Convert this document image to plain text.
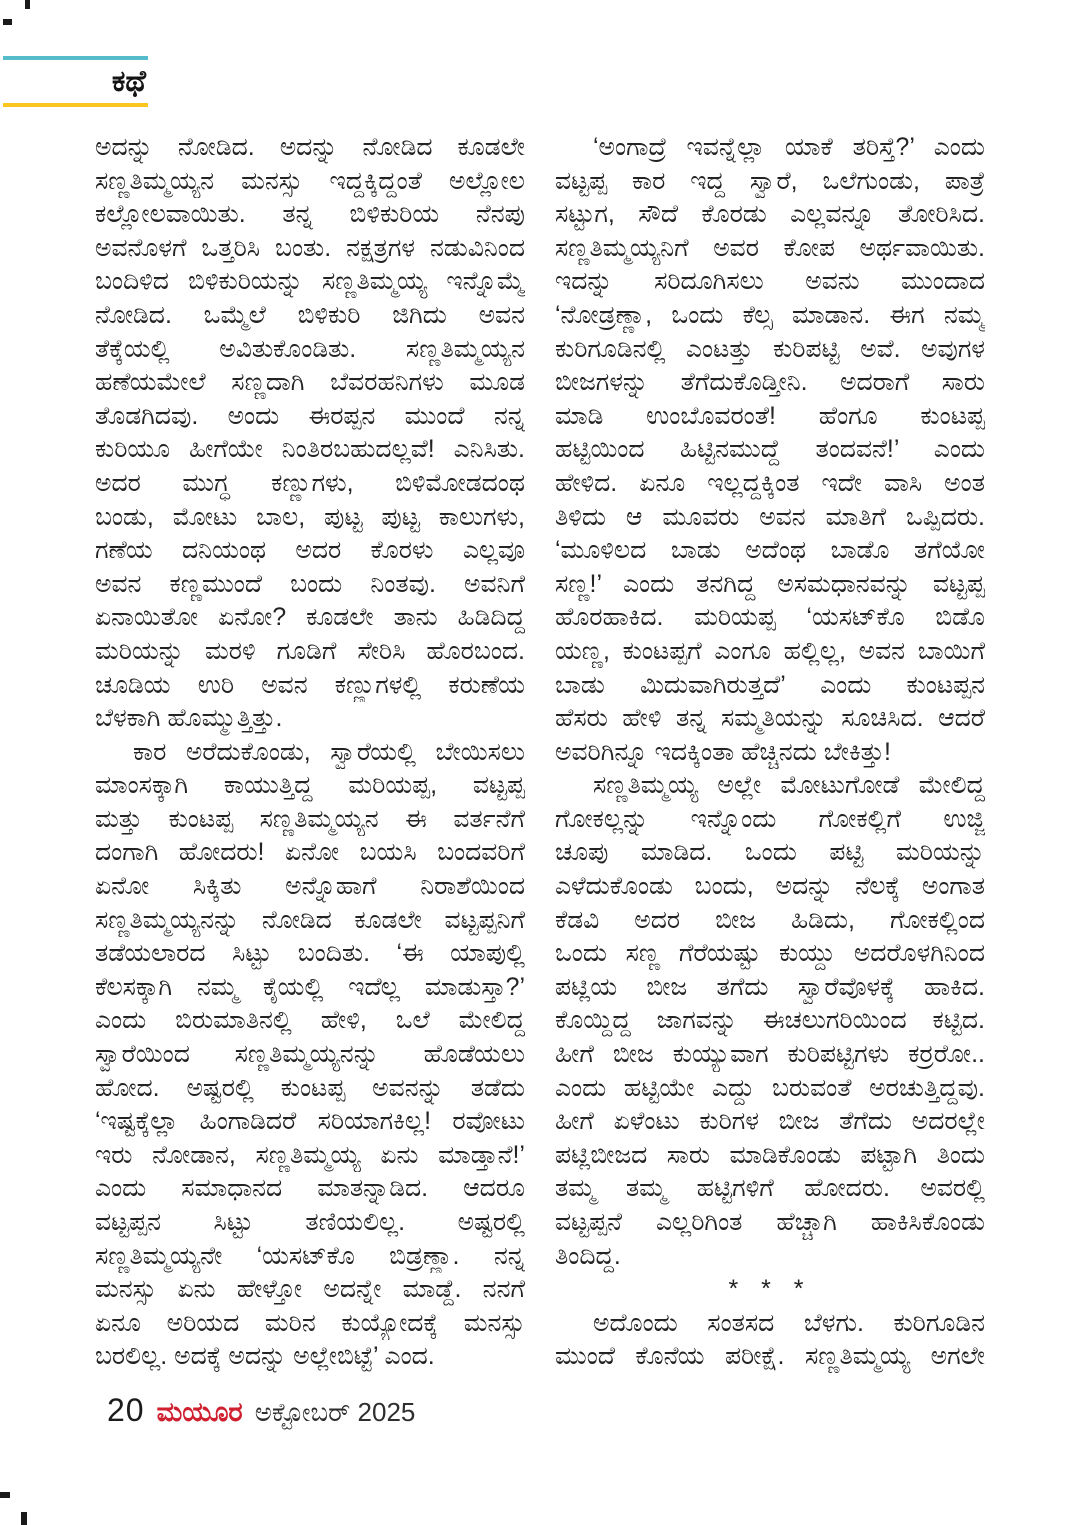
ಕಥೆ
ಅದನ್ನು ನೋಡಿದ. ಅದನ್ನು ನೋಡಿದ ಕೂಡಲೇ
ಸಣ್ಣತಿಮ್ಮಯ್ಯನ ಮನಸ್ಸು ಇದ್ದಕ್ಕಿದ್ದಂತೆ ಅಲ್ಲೋಲ
ಕಲ್ಲೋಲವಾಯಿತು. ತನ್ನ ಬಿಳಿಕುರಿಯ ನೆನಪು
ಅವನೊಳಗೆ ಒತ್ತರಿಸಿ ಬಂತು. ನಕ್ಷತ್ರಗಳ ನಡುವಿನಿಂದ
ಬಂದಿಳಿದ ಬಿಳಿಕುರಿಯನ್ನು ಸಣ್ಣತಿಮ್ಮಯ್ಯ ಇನ್ನೊಮ್ಮೆ
ನೋಡಿದ. ಒಮ್ಮೆಲೆ ಬಿಳಿಕುರಿ ಜಿಗಿದು ಅವನ
ತೆಕ್ಕೆಯಲ್ಲಿ ಅವಿತುಕೊಂಡಿತು. ಸಣ್ಣತಿಮ್ಮಯ್ಯನ
ಹಣೆಯಮೇಲೆ ಸಣ್ಣದಾಗಿ ಬೆವರಹನಿಗಳು ಮೂಡ
ತೊಡಗಿದವು. ಅಂದು ಈರಪ್ಪನ ಮುಂದೆ ನನ್ನ
ಕುರಿಯೂ ಹೀಗೆಯೇ ನಿಂತಿರಬಹುದಲ್ಲವೆ! ಎನಿಸಿತು.
ಅದರ ಮುಗ್ಧ ಕಣ್ಣುಗಳು, ಬಿಳಿಮೋಡದಂಥ
ಬಂಡು, ಮೋಟು ಬಾಲ, ಪುಟ್ಟ ಪುಟ್ಟ ಕಾಲುಗಳು,
ಗಣೆಯ ದನಿಯಂಥ ಅದರ ಕೊರಳು ಎಲ್ಲವೂ
ಅವನ ಕಣ್ಣಮುಂದೆ ಬಂದು ನಿಂತವು. ಅವನಿಗೆ
ಏನಾಯಿತೋ ಏನೋ? ಕೂಡಲೇ ತಾನು ಹಿಡಿದಿದ್ದ
ಮರಿಯನ್ನು ಮರಳಿ ಗೂಡಿಗೆ ಸೇರಿಸಿ ಹೊರಬಂದ.
ಚೂಡಿಯ ಉರಿ ಅವನ ಕಣ್ಣುಗಳಲ್ಲಿ ಕರುಣೆಯ
ಬೆಳಕಾಗಿ ಹೊಮ್ಮುತ್ತಿತ್ತು.
ಕಾರ ಅರೆದುಕೊಂಡು, ಸ್ವಾರೆಯಲ್ಲಿ ಬೇಯಿಸಲು
ಮಾಂಸಕ್ಕಾಗಿ ಕಾಯುತ್ತಿದ್ದ ಮರಿಯಪ್ಪ, ವಟ್ಟಪ್ಪ
ಮತ್ತು ಕುಂಟಪ್ಪ ಸಣ್ಣತಿಮ್ಮಯ್ಯನ ಈ ವರ್ತನೆಗೆ
ದಂಗಾಗಿ ಹೋದರು! ಏನೋ ಬಯಸಿ ಬಂದವರಿಗೆ
ಏನೋ ಸಿಕ್ಕಿತು ಅನ್ನೊಹಾಗೆ ನಿರಾಶೆಯಿಂದ
ಸಣ್ಣತಿಮ್ಮಯ್ಯನನ್ನು ನೋಡಿದ ಕೂಡಲೇ ವಟ್ಟಪ್ಪನಿಗೆ
ತಡೆಯಲಾರದ ಸಿಟ್ಟು ಬಂದಿತು. ‘ಈ ಯಾಪುಲ್ಲಿ
ಕೆಲಸಕ್ಕಾಗಿ ನಮ್ಮ ಕೈಯಲ್ಲಿ ಇದೆಲ್ಲ ಮಾಡುಸ್ತಾ?’
ಎಂದು ಬಿರುಮಾತಿನಲ್ಲಿ ಹೇಳಿ, ಒಲೆ ಮೇಲಿದ್ದ
ಸ್ವಾರೆಯಿಂದ ಸಣ್ಣತಿಮ್ಮಯ್ಯನನ್ನು ಹೊಡೆಯಲು
ಹೋದ. ಅಷ್ಟರಲ್ಲಿ ಕುಂಟಪ್ಪ ಅವನನ್ನು ತಡೆದು
‘ಇಷ್ಟಕ್ಕೆಲ್ಲಾ ಹಿಂಗಾಡಿದರೆ ಸರಿಯಾಗಕಿಲ್ಲ! ರವೋಟು
ಇರು ನೋಡಾನ, ಸಣ್ಣತಿಮ್ಮಯ್ಯ ಏನು ಮಾಡ್ತಾನೆ!’
ಎಂದು ಸಮಾಧಾನದ ಮಾತನ್ನಾಡಿದ. ಆದರೂ
ವಟ್ಟಪ್ಪನ ಸಿಟ್ಟು ತಣಿಯಲಿಲ್ಲ. ಅಷ್ಟರಲ್ಲಿ
ಸಣ್ಣತಿಮ್ಮಯ್ಯನೇ ‘ಯಸಟ್‌ಕೊ ಬಿಡ್ರಣ್ಣಾ. ನನ್ನ
ಮನಸ್ಸು ಏನು ಹೇಳ್ತೋ ಅದನ್ನೇ ಮಾಡ್ದೆ. ನನಗೆ
ಏನೂ ಅರಿಯದ ಮರಿನ ಕುಯ್ಯೋದಕ್ಕೆ ಮನಸ್ಸು
ಬರಲಿಲ್ಲ. ಅದಕ್ಕೆ ಅದನ್ನು ಅಲ್ಲೇಬಿಟ್ಟೆ’ ಎಂದ.
‘ಅಂಗಾದ್ರೆ ಇವನ್ನೆಲ್ಲಾ ಯಾಕೆ ತರಿಸ್ತೆ?’ ಎಂದು
ವಟ್ಟಪ್ಪ ಕಾರ ಇದ್ದ ಸ್ವಾರೆ, ಒಲೆಗುಂಡು, ಪಾತ್ರೆ
ಸಟ್ಟುಗ, ಸೌದೆ ಕೊರಡು ಎಲ್ಲವನ್ನೂ ತೋರಿಸಿದ.
ಸಣ್ಣತಿಮ್ಮಯ್ಯನಿಗೆ ಅವರ ಕೋಪ ಅರ್ಥವಾಯಿತು.
ಇದನ್ನು ಸರಿದೂಗಿಸಲು ಅವನು ಮುಂದಾದ
‘ನೋಡ್ರಣ್ಣಾ, ಒಂದು ಕೆಲ್ಸ ಮಾಡಾನ. ಈಗ ನಮ್ಮ
ಕುರಿಗೂಡಿನಲ್ಲಿ ಎಂಟತ್ತು ಕುರಿಪಟ್ಟಿ ಅವೆ. ಅವುಗಳ
ಬೀಜಗಳನ್ನು ತೆಗೆದುಕೊಡ್ತೀನಿ. ಅದರಾಗೆ ಸಾರು
ಮಾಡಿ ಉಂಬೊವರಂತೆ! ಹೆಂಗೂ ಕುಂಟಪ್ಪ
ಹಟ್ಟಿಯಿಂದ ಹಿಟ್ಟಿನಮುದ್ದೆ ತಂದವನೆ!’ ಎಂದು
ಹೇಳಿದ. ಏನೂ ಇಲ್ಲದ್ದಕ್ಕಿಂತ ಇದೇ ವಾಸಿ ಅಂತ
ತಿಳಿದು ಆ ಮೂವರು ಅವನ ಮಾತಿಗೆ ಒಪ್ಪಿದರು.
‘ಮೂಳಿಲದ ಬಾಡು ಅದೆಂಥ ಬಾಡೊ ತಗೆಯೋ
ಸಣ್ಣ!’ ಎಂದು ತನಗಿದ್ದ ಅಸಮಧಾನವನ್ನು ವಟ್ಟಪ್ಪ
ಹೊರಹಾಕಿದ. ಮರಿಯಪ್ಪ ‘ಯಸಟ್‌ಕೊ ಬಿಡೊ
ಯಣ್ಣ, ಕುಂಟಪ್ಪಗೆ ಎಂಗೂ ಹಲ್ಲಿಲ್ಲ, ಅವನ ಬಾಯಿಗೆ
ಬಾಡು ಮಿದುವಾಗಿರುತ್ತದೆ’ ಎಂದು ಕುಂಟಪ್ಪನ
ಹೆಸರು ಹೇಳಿ ತನ್ನ ಸಮ್ಮತಿಯನ್ನು ಸೂಚಿಸಿದ. ಆದರೆ
ಅವರಿಗಿನ್ನೂ ಇದಕ್ಕಿಂತಾ ಹೆಚ್ಚಿನದು ಬೇಕಿತ್ತು!
ಸಣ್ಣತಿಮ್ಮಯ್ಯ ಅಲ್ಲೇ ಮೋಟುಗೋಡೆ ಮೇಲಿದ್ದ
ಗೋಕಲ್ಲನ್ನು ಇನ್ನೊಂದು ಗೋಕಲ್ಲಿಗೆ ಉಜ್ಜಿ
ಚೂಪು ಮಾಡಿದ. ಒಂದು ಪಟ್ಟಿ ಮರಿಯನ್ನು
ಎಳೆದುಕೊಂಡು ಬಂದು, ಅದನ್ನು ನೆಲಕ್ಕೆ ಅಂಗಾತ
ಕೆಡವಿ ಅದರ ಬೀಜ ಹಿಡಿದು, ಗೋಕಲ್ಲಿಂದ
ಒಂದು ಸಣ್ಣ ಗೆರೆಯಷ್ಟು ಕುಯ್ದು ಅದರೊಳಗಿನಿಂದ
ಪಟ್ಲಿಯ ಬೀಜ ತಗೆದು ಸ್ವಾರೆವೊಳಕ್ಕೆ ಹಾಕಿದ.
ಕೊಯ್ದಿದ್ದ ಜಾಗವನ್ನು ಈಚಲುಗರಿಯಿಂದ ಕಟ್ಟಿದ.
ಹೀಗೆ ಬೀಜ ಕುಯ್ಯುವಾಗ ಕುರಿಪಟ್ಟಿಗಳು ಕರ‍್ರರೋ..
ಎಂದು ಹಟ್ಟಿಯೇ ಎದ್ದು ಬರುವಂತೆ ಅರಚುತ್ತಿದ್ದವು.
ಹೀಗೆ ಏಳೆಂಟು ಕುರಿಗಳ ಬೀಜ ತೆಗೆದು ಅದರಲ್ಲೇ
ಪಟ್ಲಿಬೀಜದ ಸಾರು ಮಾಡಿಕೊಂಡು ಪಟ್ಟಾಗಿ ತಿಂದು
ತಮ್ಮ ತಮ್ಮ ಹಟ್ಟಿಗಳಿಗೆ ಹೋದರು. ಅವರಲ್ಲಿ
ವಟ್ಟಪ್ಪನೆ ಎಲ್ಲರಿಗಿಂತ ಹೆಚ್ಚಾಗಿ ಹಾಕಿಸಿಕೊಂಡು
ತಿಂದಿದ್ದ.
* * *
ಅದೊಂದು ಸಂತಸದ ಬೆಳಗು. ಕುರಿಗೂಡಿನ
ಮುಂದೆ ಕೊನೆಯ ಪರೀಕ್ಷೆ. ಸಣ್ಣತಿಮ್ಮಯ್ಯ ಅಗಲೇ
20 ಮಯೂರ ಅಕ್ಟೋಬರ್ 2025
